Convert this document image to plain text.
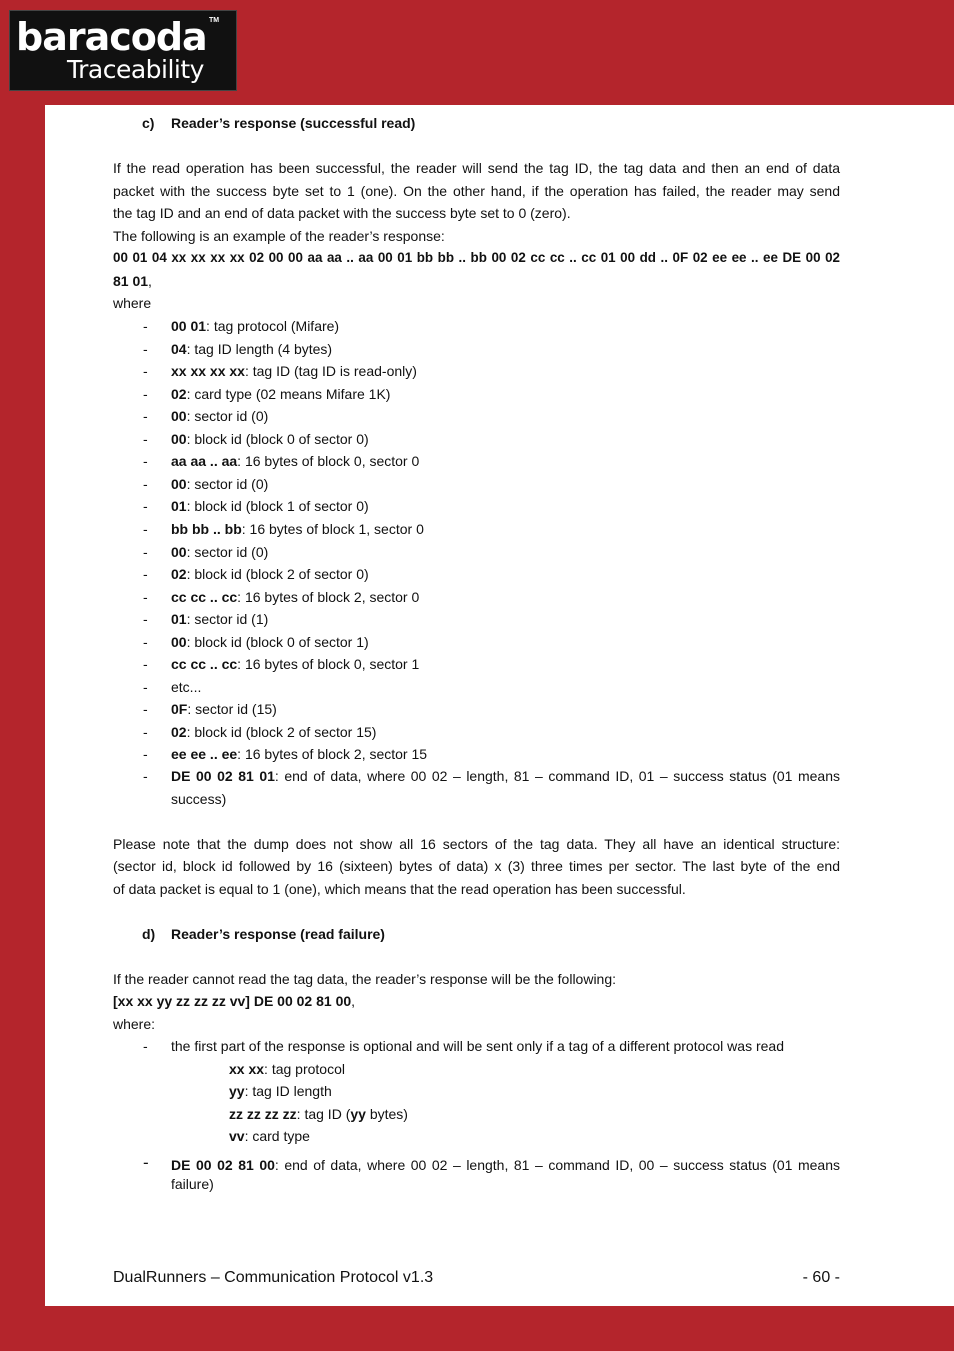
baracoda TM
Traceability
c) Reader’s response (successful read)
If the read operation has been successful, the reader will send the tag ID, the tag data and then an end of data
packet with the success byte set to 1 (one). On the other hand, if the operation has failed, the reader may send
the tag ID and an end of data packet with the success byte set to 0 (zero).
The following is an example of the reader’s response:
00 01 04 xx xx xx xx 02 00 00 aa aa .. aa 00 01 bb bb .. bb 00 02 cc cc .. cc 01 00 dd .. 0F 02 ee ee .. ee DE 00 02
81 01,
where
- 00 01: tag protocol (Mifare)
- 04: tag ID length (4 bytes)
- xx xx xx xx: tag ID (tag ID is read-only)
- 02: card type (02 means Mifare 1K)
- 00: sector id (0)
- 00: block id (block 0 of sector 0)
- aa aa .. aa: 16 bytes of block 0, sector 0
- 00: sector id (0)
- 01: block id (block 1 of sector 0)
- bb bb .. bb: 16 bytes of block 1, sector 0
- 00: sector id (0)
- 02: block id (block 2 of sector 0)
- cc cc .. cc: 16 bytes of block 2, sector 0
- 01: sector id (1)
- 00: block id (block 0 of sector 1)
- cc cc .. cc: 16 bytes of block 0, sector 1
- etc...
- 0F: sector id (15)
- 02: block id (block 2 of sector 15)
- ee ee .. ee: 16 bytes of block 2, sector 15
- DE 00 02 81 01: end of data, where 00 02 – length, 81 – command ID, 01 – success status (01 means
success)
Please note that the dump does not show all 16 sectors of the tag data. They all have an identical structure:
(sector id, block id followed by 16 (sixteen) bytes of data) x (3) three times per sector. The last byte of the end
of data packet is equal to 1 (one), which means that the read operation has been successful.
d) Reader’s response (read failure)
If the reader cannot read the tag data, the reader’s response will be the following:
[xx xx yy zz zz zz vv] DE 00 02 81 00,
where:
- the first part of the response is optional and will be sent only if a tag of a different protocol was read
xx xx: tag protocol
yy: tag ID length
zz zz zz zz: tag ID (yy bytes)
vv: card type
- DE 00 02 81 00: end of data, where 00 02 – length, 81 – command ID, 00 – success status (01 means
failure)
DualRunners – Communication Protocol v1.3	- 60 -
